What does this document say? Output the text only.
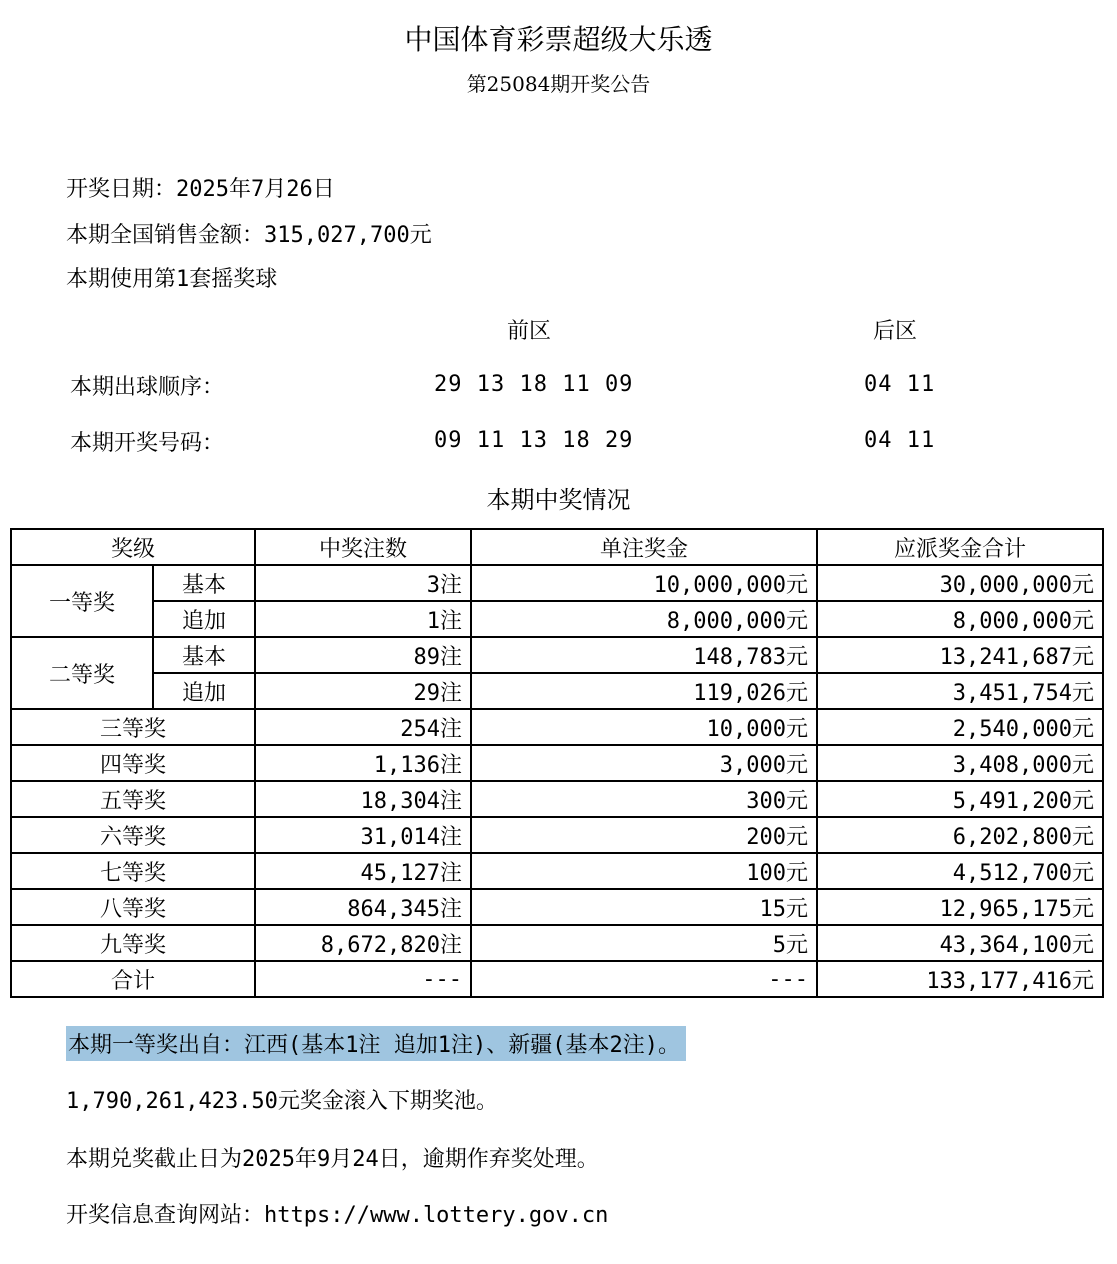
中国体育彩票超级大乐透
第25084期开奖公告
开奖日期：2025年7月26日
本期全国销售金额：315,027,700元
本期使用第1套摇奖球
前区	后区
本期出球顺序：	29 13 18 11 09	04 11
本期开奖号码：	09 11 13 18 29	04 11
本期中奖情况
奖级		中奖注数	单注奖金	应派奖金合计
一等奖	基本	3注	10,000,000元	30,000,000元
	追加	1注	8,000,000元	8,000,000元
二等奖	基本	89注	148,783元	13,241,687元
	追加	29注	119,026元	3,451,754元
三等奖		254注	10,000元	2,540,000元
四等奖		1,136注	3,000元	3,408,000元
五等奖		18,304注	300元	5,491,200元
六等奖		31,014注	200元	6,202,800元
七等奖		45,127注	100元	4,512,700元
八等奖		864,345注	15元	12,965,175元
九等奖		8,672,820注	5元	43,364,100元
合计		---	---	133,177,416元
本期一等奖出自：江西(基本1注 追加1注)、新疆(基本2注)。
1,790,261,423.50元奖金滚入下期奖池。
本期兑奖截止日为2025年9月24日，逾期作弃奖处理。
开奖信息查询网站：https://www.lottery.gov.cn
